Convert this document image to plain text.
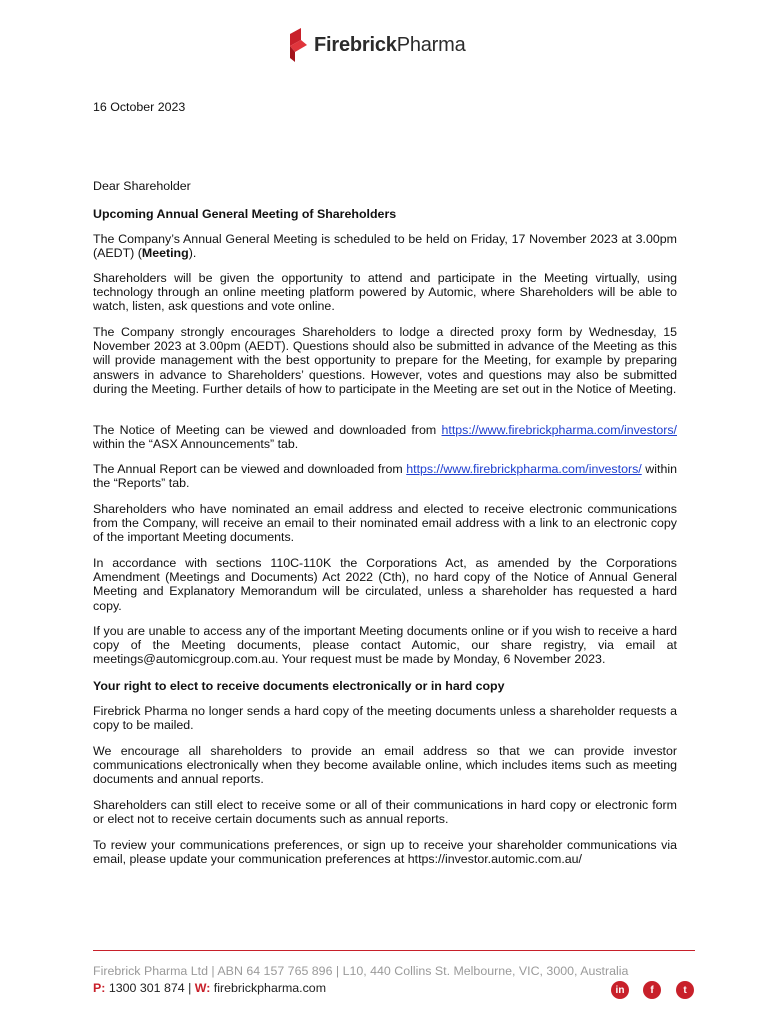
FirebrickPharma
16 October 2023
Dear Shareholder

Upcoming Annual General Meeting of Shareholders

The Company’s Annual General Meeting is scheduled to be held on Friday, 17 November 2023 at 3.00pm (AEDT) (Meeting).

Shareholders will be given the opportunity to attend and participate in the Meeting virtually, using technology through an online meeting platform powered by Automic, where Shareholders will be able to watch, listen, ask questions and vote online.

The Company strongly encourages Shareholders to lodge a directed proxy form by Wednesday, 15 November 2023 at 3.00pm (AEDT). Questions should also be submitted in advance of the Meeting as this will provide management with the best opportunity to prepare for the Meeting, for example by preparing answers in advance to Shareholders’ questions. However, votes and questions may also be submitted during the Meeting. Further details of how to participate in the Meeting are set out in the Notice of Meeting.

The Notice of Meeting can be viewed and downloaded from https://www.firebrickpharma.com/investors/ within the “ASX Announcements” tab.

The Annual Report can be viewed and downloaded from https://www.firebrickpharma.com/investors/ within the “Reports” tab.

Shareholders who have nominated an email address and elected to receive electronic communications from the Company, will receive an email to their nominated email address with a link to an electronic copy of the important Meeting documents.

In accordance with sections 110C-110K the Corporations Act, as amended by the Corporations Amendment (Meetings and Documents) Act 2022 (Cth), no hard copy of the Notice of Annual General Meeting and Explanatory Memorandum will be circulated, unless a shareholder has requested a hard copy.

If you are unable to access any of the important Meeting documents online or if you wish to receive a hard copy of the Meeting documents, please contact Automic, our share registry, via email at meetings@automicgroup.com.au. Your request must be made by Monday, 6 November 2023.

Your right to elect to receive documents electronically or in hard copy

Firebrick Pharma no longer sends a hard copy of the meeting documents unless a shareholder requests a copy to be mailed.

We encourage all shareholders to provide an email address so that we can provide investor communications electronically when they become available online, which includes items such as meeting documents and annual reports.

Shareholders can still elect to receive some or all of their communications in hard copy or electronic form or elect not to receive certain documents such as annual reports.

To review your communications preferences, or sign up to receive your shareholder communications via email, please update your communication preferences at https://investor.automic.com.au/

Firebrick Pharma Ltd | ABN 64 157 765 896 | L10, 440 Collins St. Melbourne, VIC, 3000, Australia
P: 1300 301 874 | W: firebrickpharma.com	in	f	t
